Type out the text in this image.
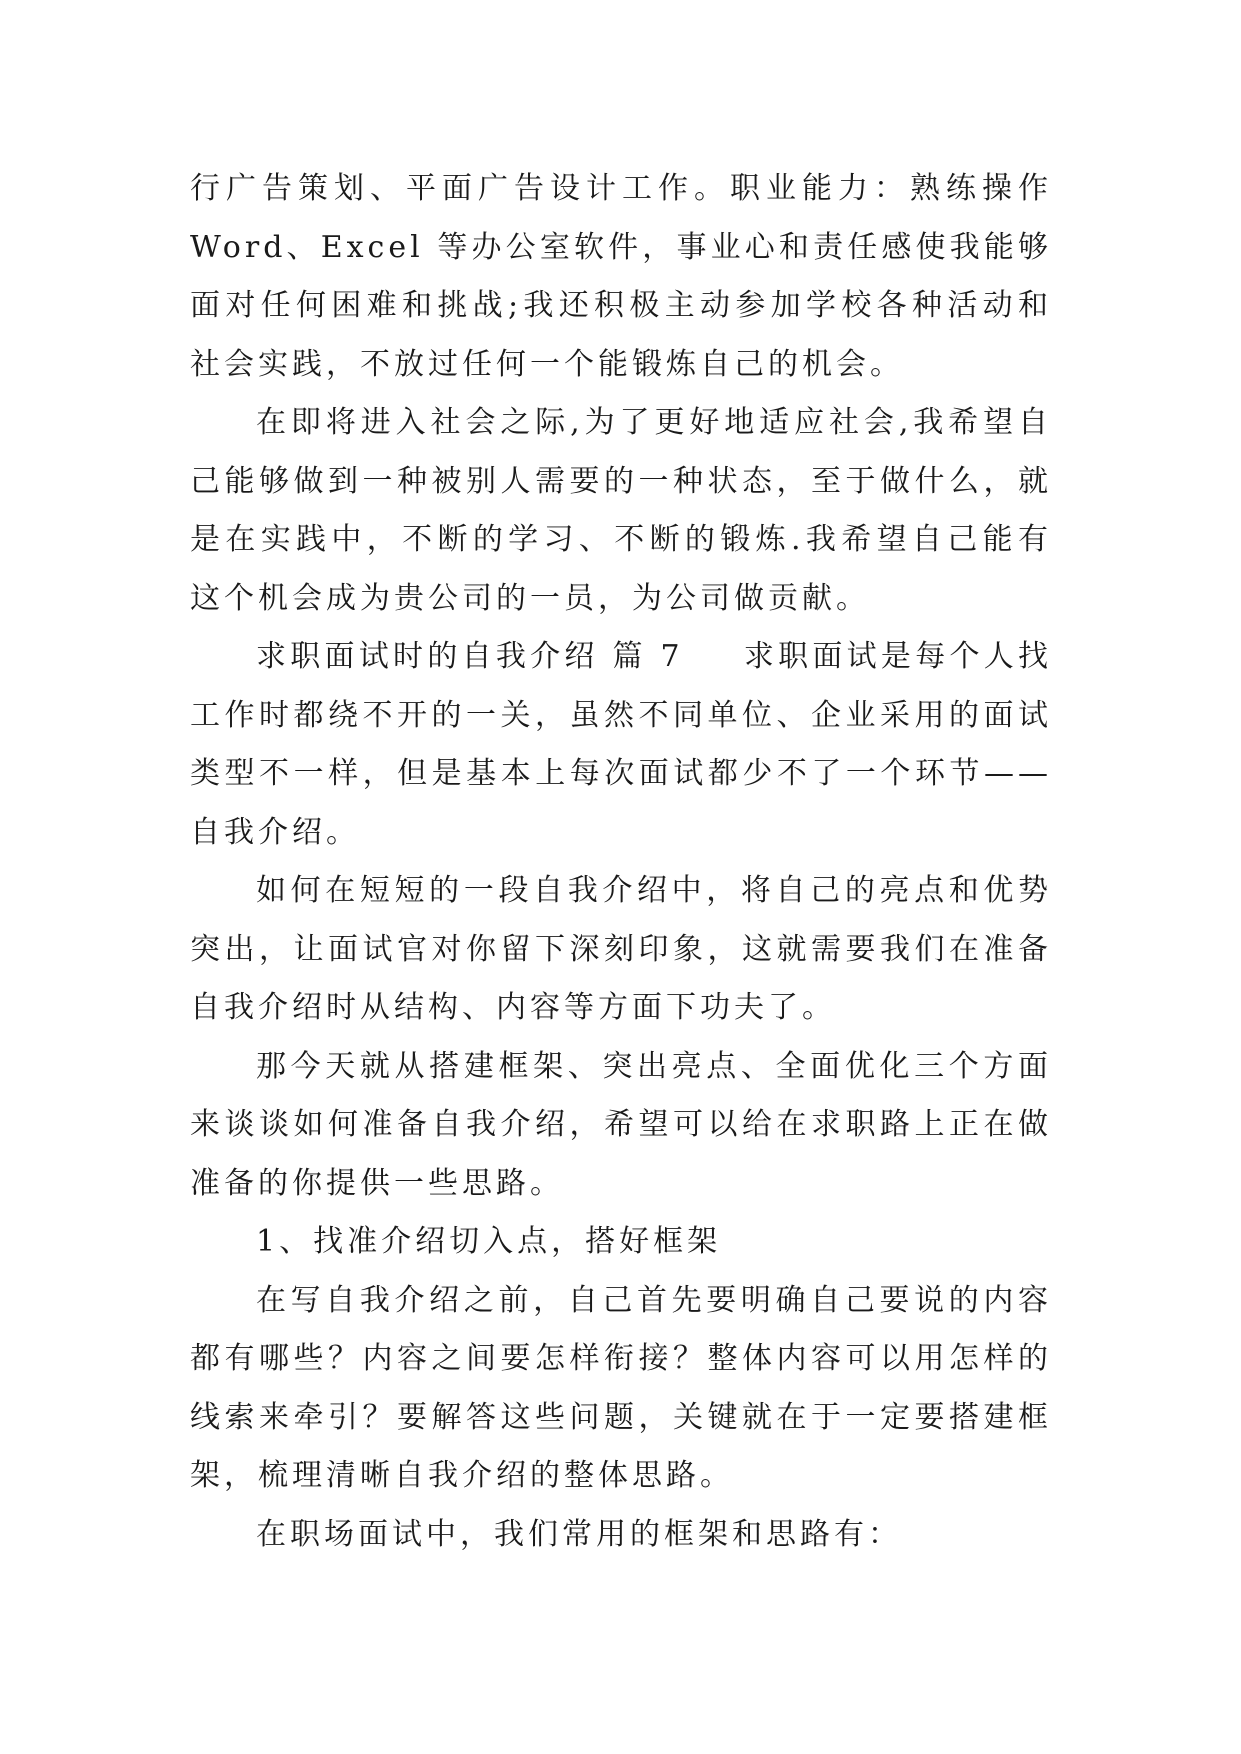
行广告策划、平面广告设计工作。职业能力：熟练操作Word、Excel 等办公室软件，事业心和责任感使我能够面对任何困难和挑战;我还积极主动参加学校各种活动和社会实践，不放过任何一个能锻炼自己的机会。

在即将进入社会之际,为了更好地适应社会,我希望自己能够做到一种被别人需要的一种状态，至于做什么，就是在实践中，不断的学习、不断的锻炼.我希望自己能有这个机会成为贵公司的一员，为公司做贡献。

求职面试时的自我介绍 篇 7 求职面试是每个人找工作时都绕不开的一关，虽然不同单位、企业采用的面试类型不一样，但是基本上每次面试都少不了一个环节——自我介绍。

如何在短短的一段自我介绍中，将自己的亮点和优势突出，让面试官对你留下深刻印象，这就需要我们在准备自我介绍时从结构、内容等方面下功夫了。

那今天就从搭建框架、突出亮点、全面优化三个方面来谈谈如何准备自我介绍，希望可以给在求职路上正在做准备的你提供一些思路。

1、找准介绍切入点，搭好框架

在写自我介绍之前，自己首先要明确自己要说的内容都有哪些？内容之间要怎样衔接？整体内容可以用怎样的线索来牵引？要解答这些问题，关键就在于一定要搭建框架，梳理清晰自我介绍的整体思路。

在职场面试中，我们常用的框架和思路有：
